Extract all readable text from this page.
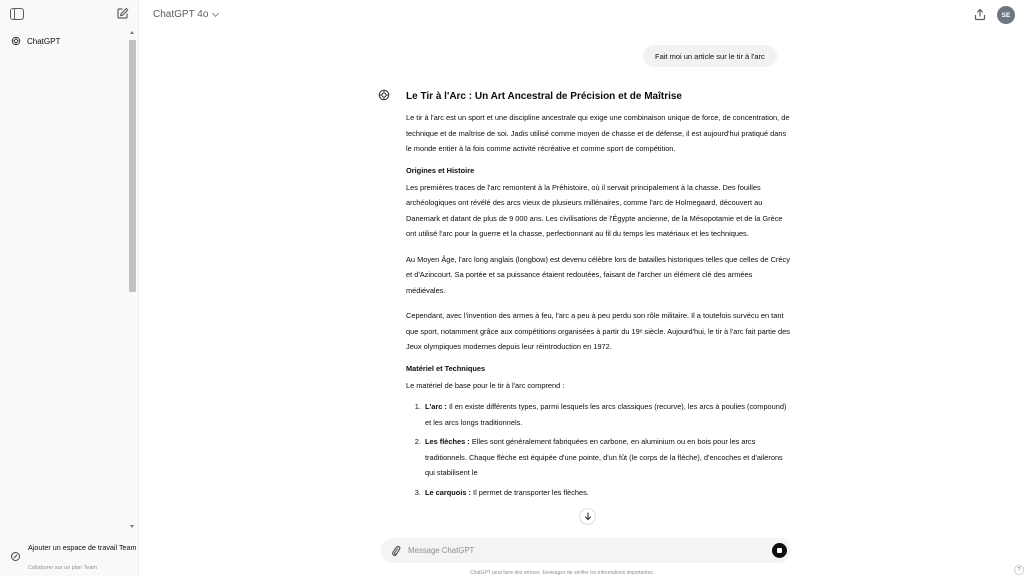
ChatGPT
Ajouter un espace de travail Team
Collaborer sur un plan Team
ChatGPT 4o	SE
Fait moi un article sur le tir à l'arc
Le Tir à l'Arc : Un Art Ancestral de Précision et de Maîtrise

Le tir à l'arc est un sport et une discipline ancestrale qui exige une combinaison unique de force, de concentration, de technique et de maîtrise de soi. Jadis utilisé comme moyen de chasse et de défense, il est aujourd'hui pratiqué dans le monde entier à la fois comme activité récréative et comme sport de compétition.

Origines et Histoire

Les premières traces de l'arc remontent à la Préhistoire, où il servait principalement à la chasse. Des fouilles archéologiques ont révélé des arcs vieux de plusieurs millénaires, comme l'arc de Holmegaard, découvert au Danemark et datant de plus de 9 000 ans. Les civilisations de l'Égypte ancienne, de la Mésopotamie et de la Grèce ont utilisé l'arc pour la guerre et la chasse, perfectionnant au fil du temps les matériaux et les techniques.

Au Moyen Âge, l'arc long anglais (longbow) est devenu célèbre lors de batailles historiques telles que celles de Crécy et d'Azincourt. Sa portée et sa puissance étaient redoutées, faisant de l'archer un élément clé des armées médiévales.

Cependant, avec l'invention des armes à feu, l'arc a peu à peu perdu son rôle militaire. Il a toutefois survécu en tant que sport, notamment grâce aux compétitions organisées à partir du 19ᵉ siècle. Aujourd'hui, le tir à l'arc fait partie des Jeux olympiques modernes depuis leur réintroduction en 1972.

Matériel et Techniques

Le matériel de base pour le tir à l'arc comprend :

1. L'arc : Il en existe différents types, parmi lesquels les arcs classiques (recurve), les arcs à poulies (compound) et les arcs longs traditionnels.
2. Les flèches : Elles sont généralement fabriquées en carbone, en aluminium ou en bois pour les arcs traditionnels. Chaque flèche est équipée d'une pointe, d'un fût (le corps de la flèche), d'encoches et d'ailerons qui stabilisent le
3. Le carquois : Il permet de transporter les flèches.
Message ChatGPT
ChatGPT peut faire des erreurs. Envisagez de vérifier les informations importantes.	?
